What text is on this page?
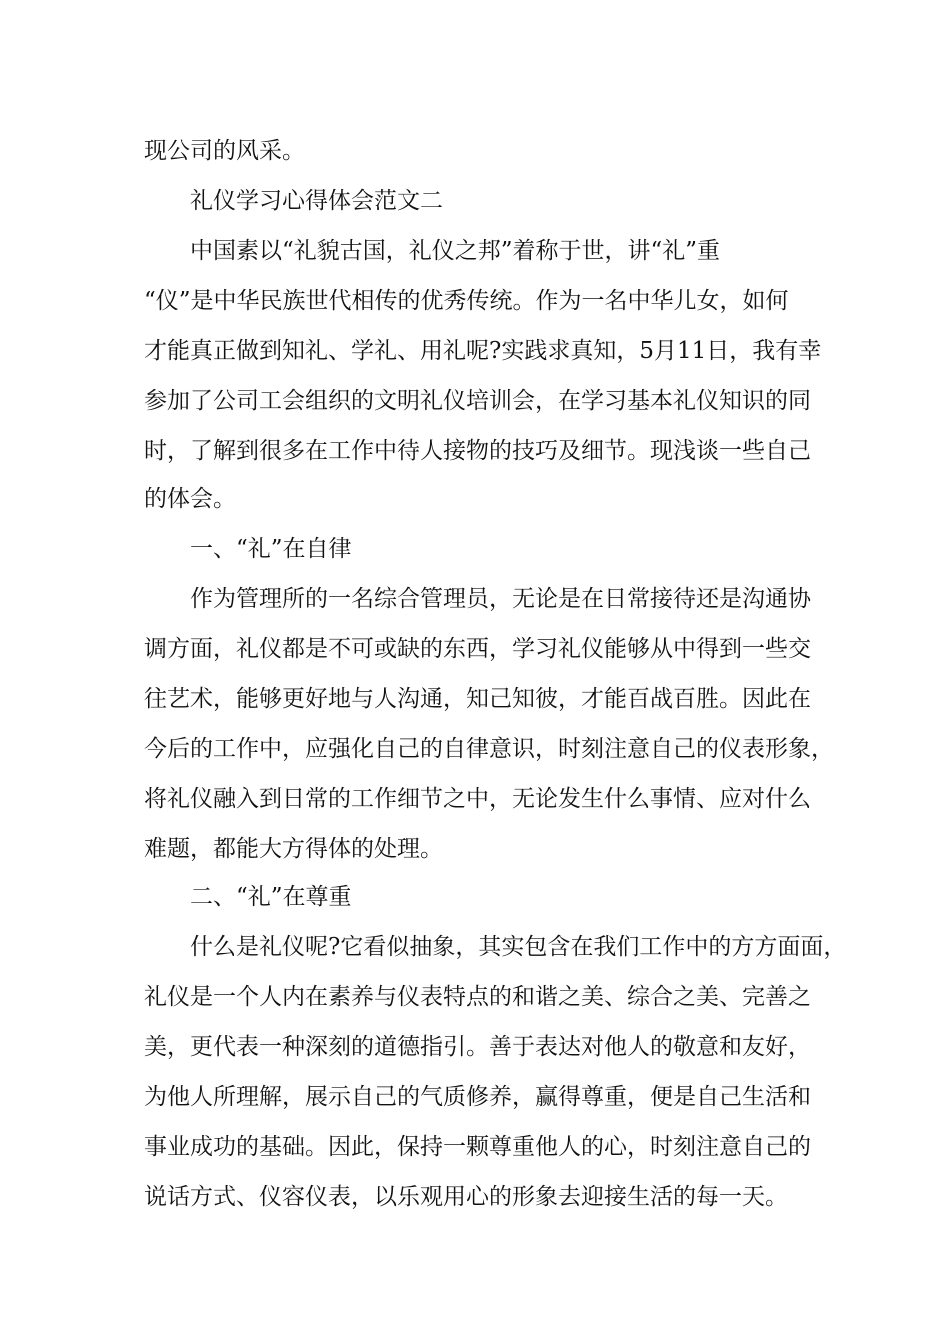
现公司的风采。
礼仪学习心得体会范文二
中国素以“礼貌古国，礼仪之邦”着称于世，讲“礼”重
“仪”是中华民族世代相传的优秀传统。作为一名中华儿女，如何
才能真正做到知礼、学礼、用礼呢?实践求真知，5月11日，我有幸
参加了公司工会组织的文明礼仪培训会，在学习基本礼仪知识的同
时，了解到很多在工作中待人接物的技巧及细节。现浅谈一些自己
的体会。
一、“礼”在自律
作为管理所的一名综合管理员，无论是在日常接待还是沟通协
调方面，礼仪都是不可或缺的东西，学习礼仪能够从中得到一些交
往艺术，能够更好地与人沟通，知己知彼，才能百战百胜。因此在
今后的工作中，应强化自己的自律意识，时刻注意自己的仪表形象，
将礼仪融入到日常的工作细节之中，无论发生什么事情、应对什么
难题，都能大方得体的处理。
二、“礼”在尊重
什么是礼仪呢?它看似抽象，其实包含在我们工作中的方方面面，
礼仪是一个人内在素养与仪表特点的和谐之美、综合之美、完善之
美，更代表一种深刻的道德指引。善于表达对他人的敬意和友好，
为他人所理解，展示自己的气质修养，赢得尊重，便是自己生活和
事业成功的基础。因此，保持一颗尊重他人的心，时刻注意自己的
说话方式、仪容仪表，以乐观用心的形象去迎接生活的每一天。
